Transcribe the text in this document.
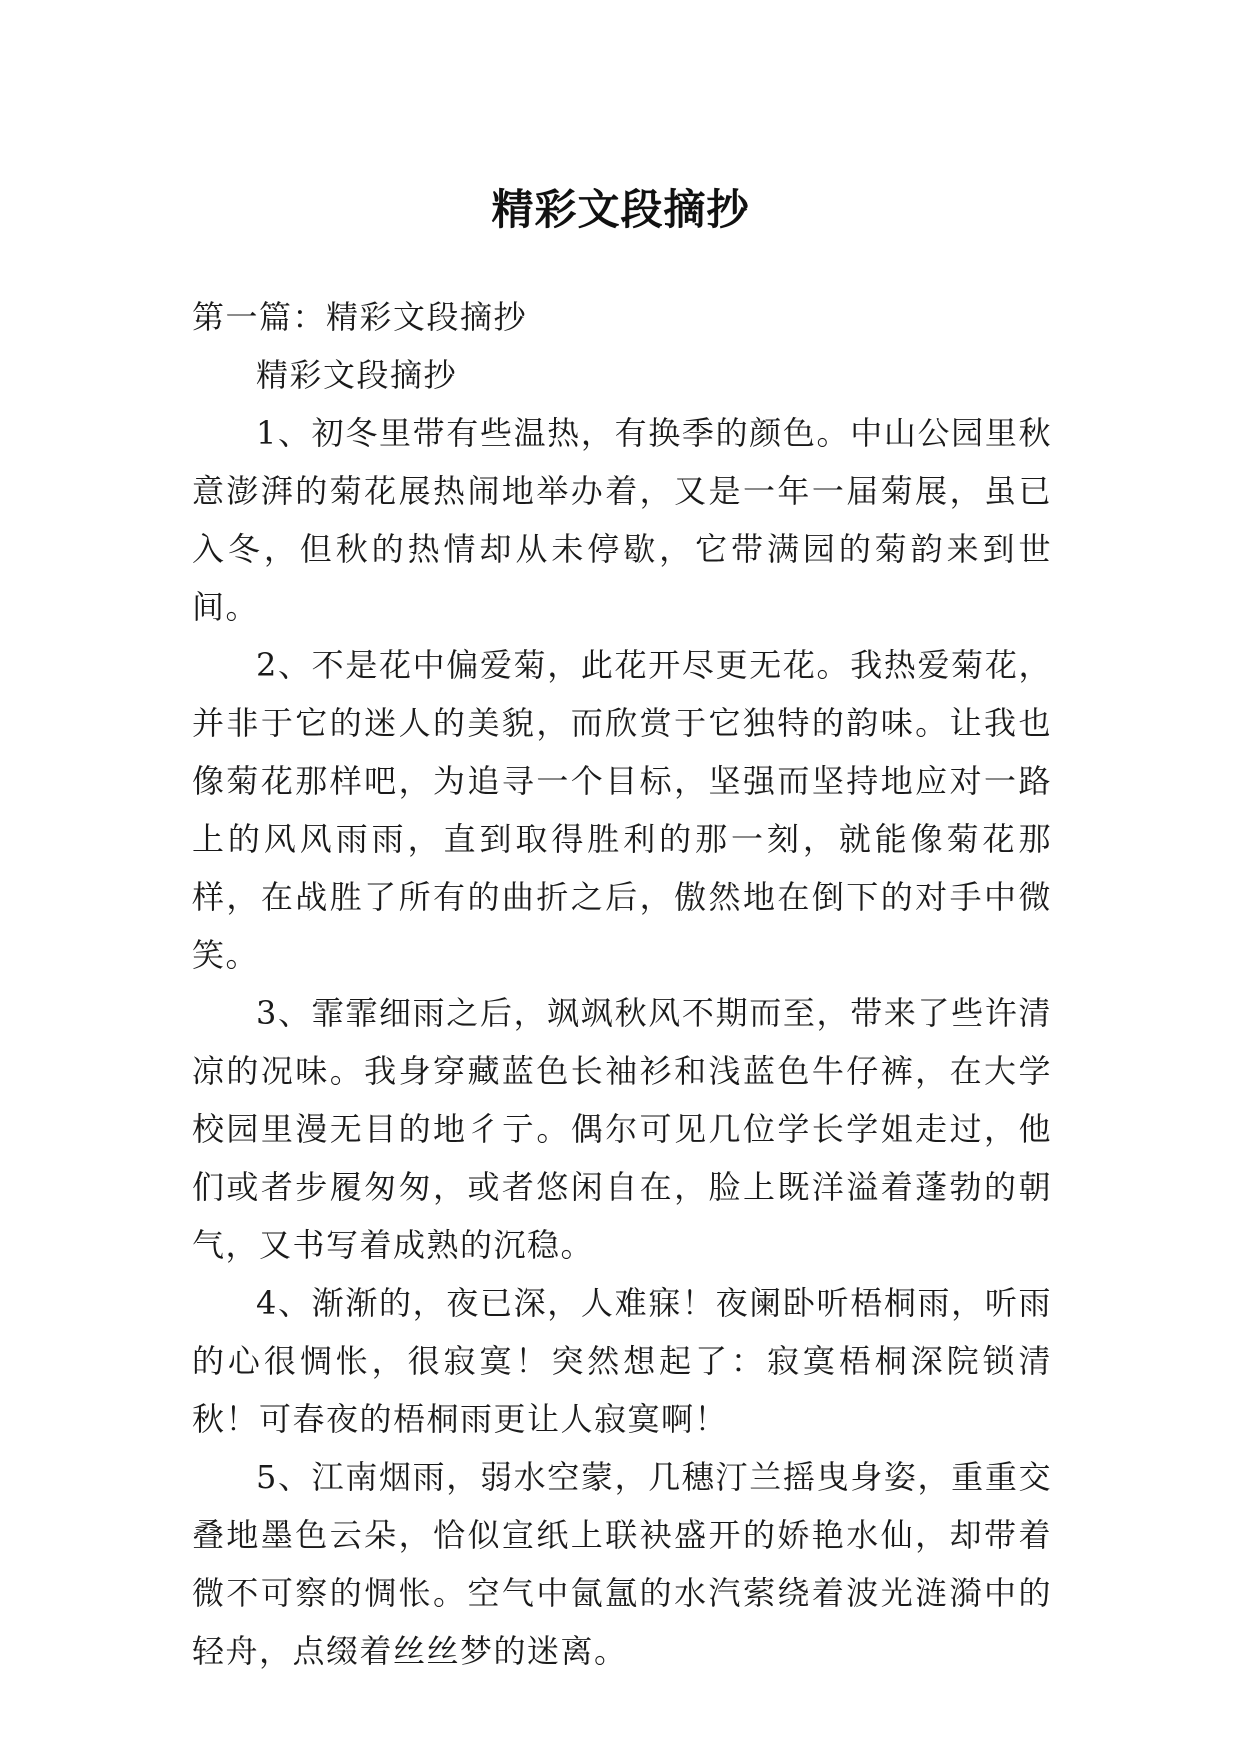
精彩文段摘抄
第一篇：精彩文段摘抄

精彩文段摘抄

1、初冬里带有些温热，有换季的颜色。中山公园里秋意澎湃的菊花展热闹地举办着，又是一年一届菊展，虽已入冬，但秋的热情却从未停歇，它带满园的菊韵来到世间。

2、不是花中偏爱菊，此花开尽更无花。我热爱菊花，并非于它的迷人的美貌，而欣赏于它独特的韵味。让我也像菊花那样吧，为追寻一个目标，坚强而坚持地应对一路上的风风雨雨，直到取得胜利的那一刻，就能像菊花那样，在战胜了所有的曲折之后，傲然地在倒下的对手中微笑。

3、霏霏细雨之后，飒飒秋风不期而至，带来了些许清凉的况味。我身穿藏蓝色长袖衫和浅蓝色牛仔裤，在大学校园里漫无目的地彳亍。偶尔可见几位学长学姐走过，他们或者步履匆匆，或者悠闲自在，脸上既洋溢着蓬勃的朝气，又书写着成熟的沉稳。

4、渐渐的，夜已深，人难寐！夜阑卧听梧桐雨，听雨的心很惆怅，很寂寞！突然想起了：寂寞梧桐深院锁清秋！可春夜的梧桐雨更让人寂寞啊！

5、江南烟雨，弱水空蒙，几穗汀兰摇曳身姿，重重交叠地墨色云朵，恰似宣纸上联袂盛开的娇艳水仙，却带着微不可察的惆怅。空气中氤氲的水汽萦绕着波光涟漪中的轻舟，点缀着丝丝梦的迷离。
